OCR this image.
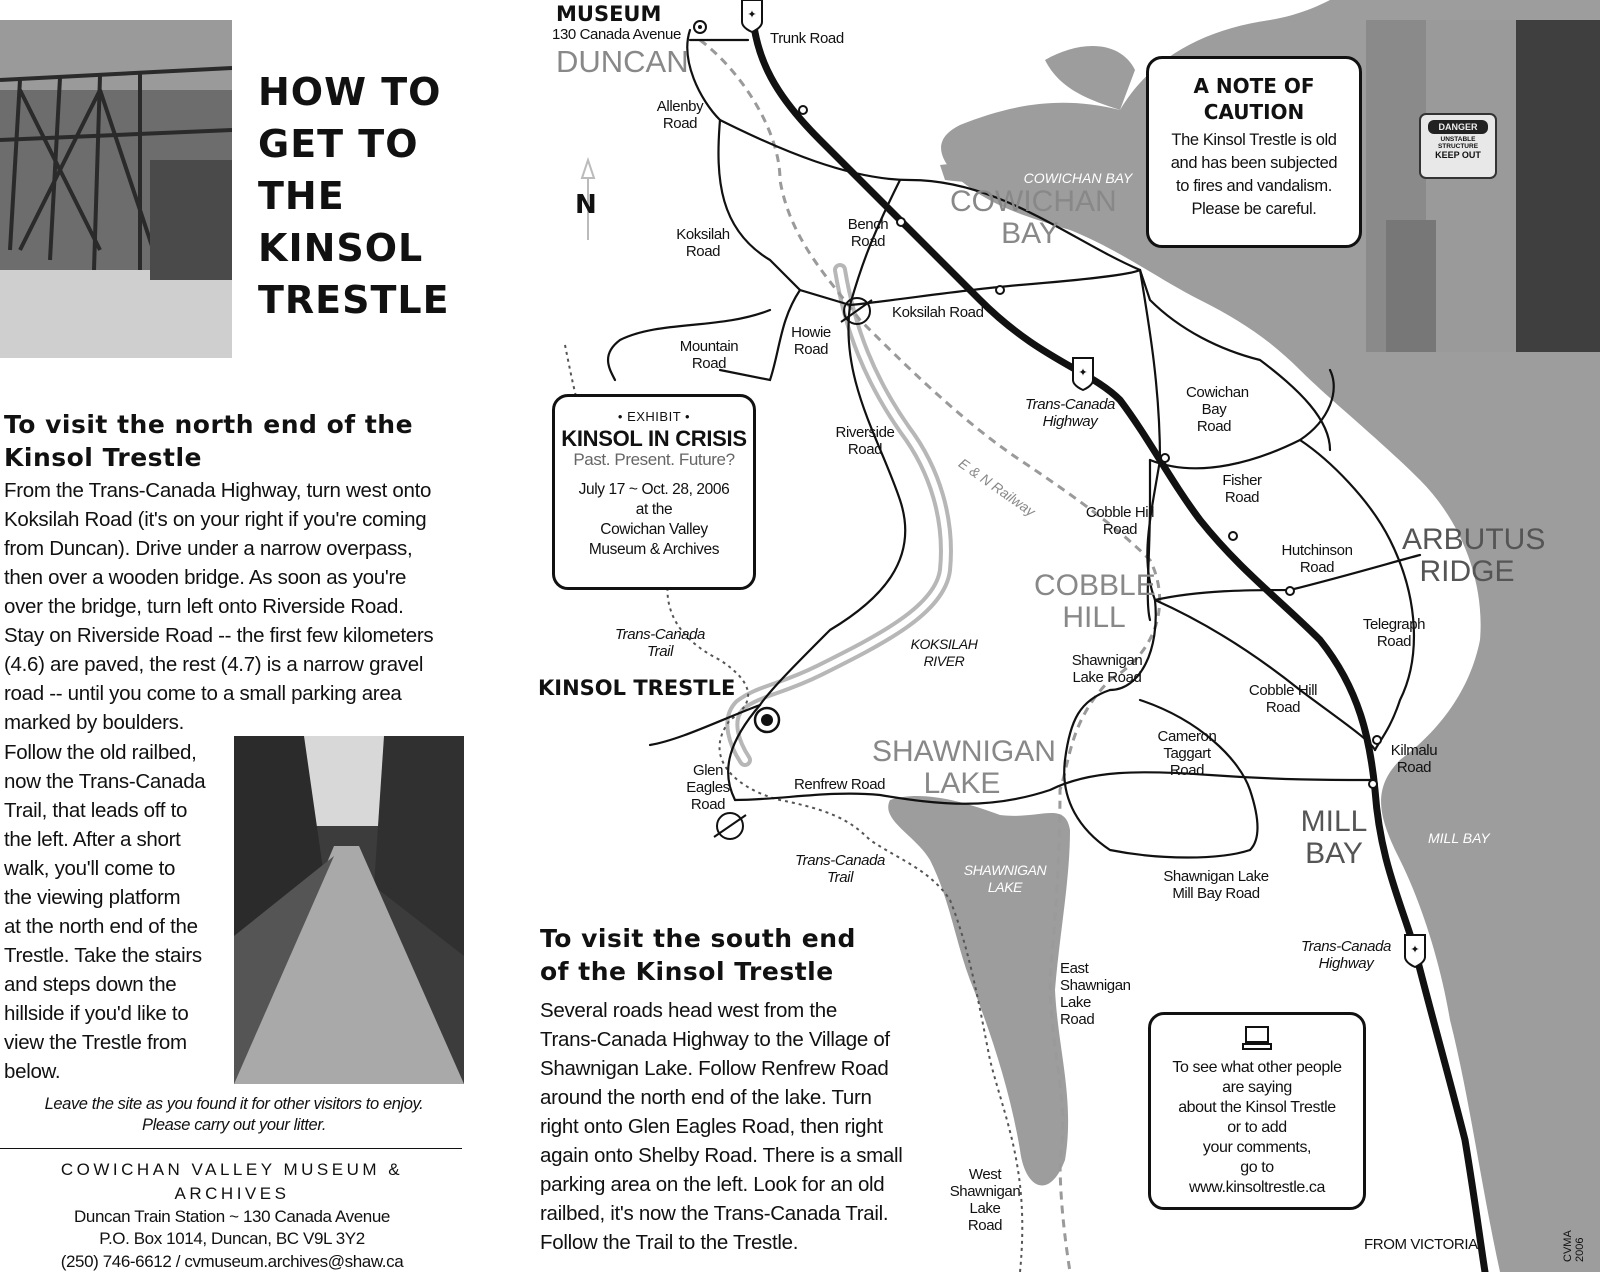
HOW TO
GET TO
THE
KINSOL
TRESTLE
To visit the north end of the
Kinsol Trestle
From the Trans-Canada Highway, turn west onto
Koksilah Road (it's on your right if you're coming
from Duncan). Drive under a narrow overpass,
then over a wooden bridge. As soon as you're
over the bridge, turn left onto Riverside Road.
Stay on Riverside Road -- the first few kilometers
(4.6) are paved, the rest (4.7) is a narrow gravel
road -- until you come to a small parking area
marked by boulders.
Follow the old railbed,
now the Trans-Canada
Trail, that leads off to
the left. After a short
walk, you'll come to
the viewing platform
at the north end of the
Trestle. Take the stairs
and steps down the
hillside if you'd like to
view the Trestle from
below.
Leave the site as you found it for other visitors to enjoy.
Please carry out your litter.
COWICHAN VALLEY MUSEUM & ARCHIVES
Duncan Train Station ~ 130 Canada Avenue
P.O. Box 1014, Duncan, BC V9L 3Y2
(250) 746-6612 / cvmuseum.archives@shaw.ca
✦
✦
✦
MUSEUM
130 Canada Avenue
DUNCAN
Trunk Road
Allenby
Road
Koksilah
Road
Bench
Road
Koksilah Road
Howie
Road
Mountain
Road
Riverside
Road
COWICHAN BAY
COWICHAN
BAY
Trans-Canada
Highway
E & N Railway
Cowichan
Bay
Road
Fisher
Road
Cobble Hill
Road
Hutchinson
Road
ARBUTUS
RIDGE
COBBLE
HILL	Telegraph
Road
Shawnigan
Lake Road
Cobble Hill
Road
Cameron
Taggart
Road
Kilmalu
Road
SHAWNIGAN
LAKE
MILL
BAY	MILL BAY
N
KOKSILAH
RIVER
Trans-Canada
Trail
KINSOL TRESTLE
Glen
Eagles
Road
Renfrew Road
Trans-Canada
Trail	SHAWNIGAN
LAKE
Shawnigan Lake
Mill Bay Road
Trans-Canada
Highway
East
Shawnigan
Lake
Road
West
Shawnigan
Lake
Road
FROM VICTORIA	CVMA 2006
• EXHIBIT •
KINSOL IN CRISIS
Past. Present. Future?
July 17 ~ Oct. 28, 2006
at the
Cowichan Valley
Museum & Archives
A NOTE OF
CAUTION
The Kinsol Trestle is old
and has been subjected
to fires and vandalism.
Please be careful.
DANGER
UNSTABLE STRUCTURE
KEEP OUT
To see what other people
are saying
about the Kinsol Trestle
or to add
your comments,
go to
www.kinsoltrestle.ca
To visit the south end
of the Kinsol Trestle
Several roads head west from the
Trans-Canada Highway to the Village of
Shawnigan Lake. Follow Renfrew Road
around the north end of the lake. Turn
right onto Glen Eagles Road, then right
again onto Shelby Road. There is a small
parking area on the left. Look for an old
railbed, it's now the Trans-Canada Trail.
Follow the Trail to the Trestle.
